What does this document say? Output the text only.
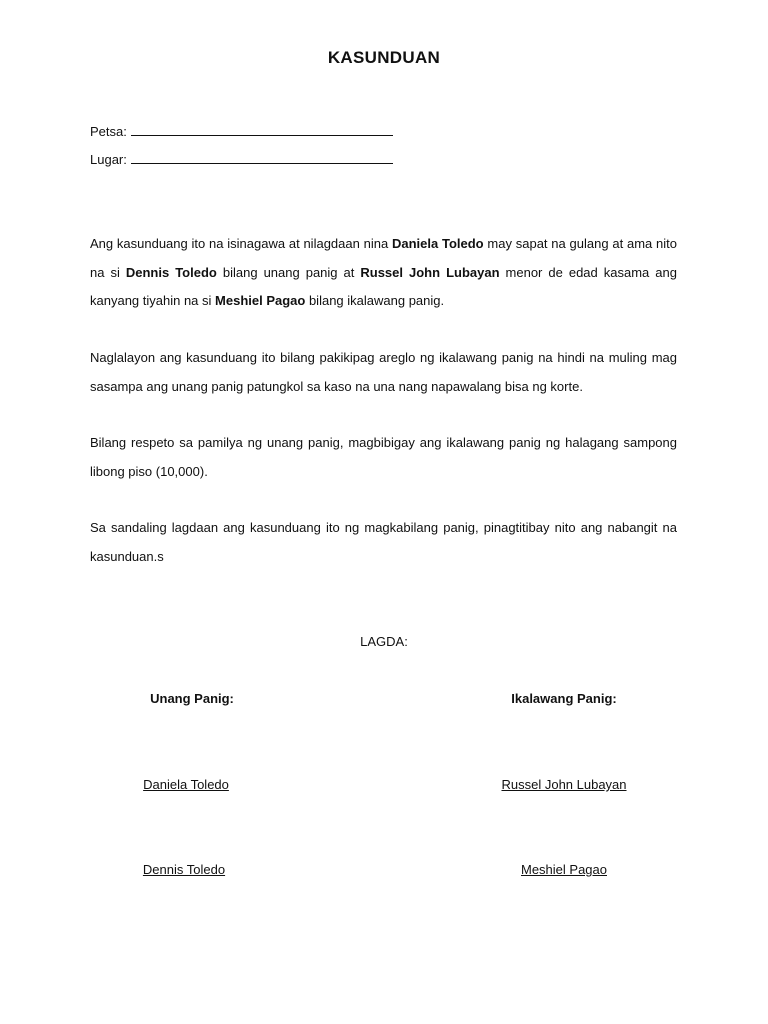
KASUNDUAN
Petsa:
Lugar:
Ang kasunduang ito na isinagawa at nilagdaan nina Daniela Toledo may sapat na gulang at ama nito na si Dennis Toledo bilang unang panig at Russel John Lubayan menor de edad kasama ang kanyang tiyahin na si Meshiel Pagao bilang ikalawang panig.
Naglalayon ang kasunduang ito bilang pakikipag areglo ng ikalawang panig na hindi na muling mag sasampa ang unang panig patungkol sa kaso na una nang napawalang bisa ng korte.
Bilang respeto sa pamilya ng unang panig, magbibigay ang ikalawang panig ng halagang sampong libong piso (10,000).
Sa sandaling lagdaan ang kasunduang ito ng magkabilang panig, pinagtitibay nito ang nabangit na kasunduan.s
LAGDA:
Unang Panig:	Ikalawang Panig:
Daniela Toledo	Russel John Lubayan
Dennis Toledo	Meshiel Pagao
